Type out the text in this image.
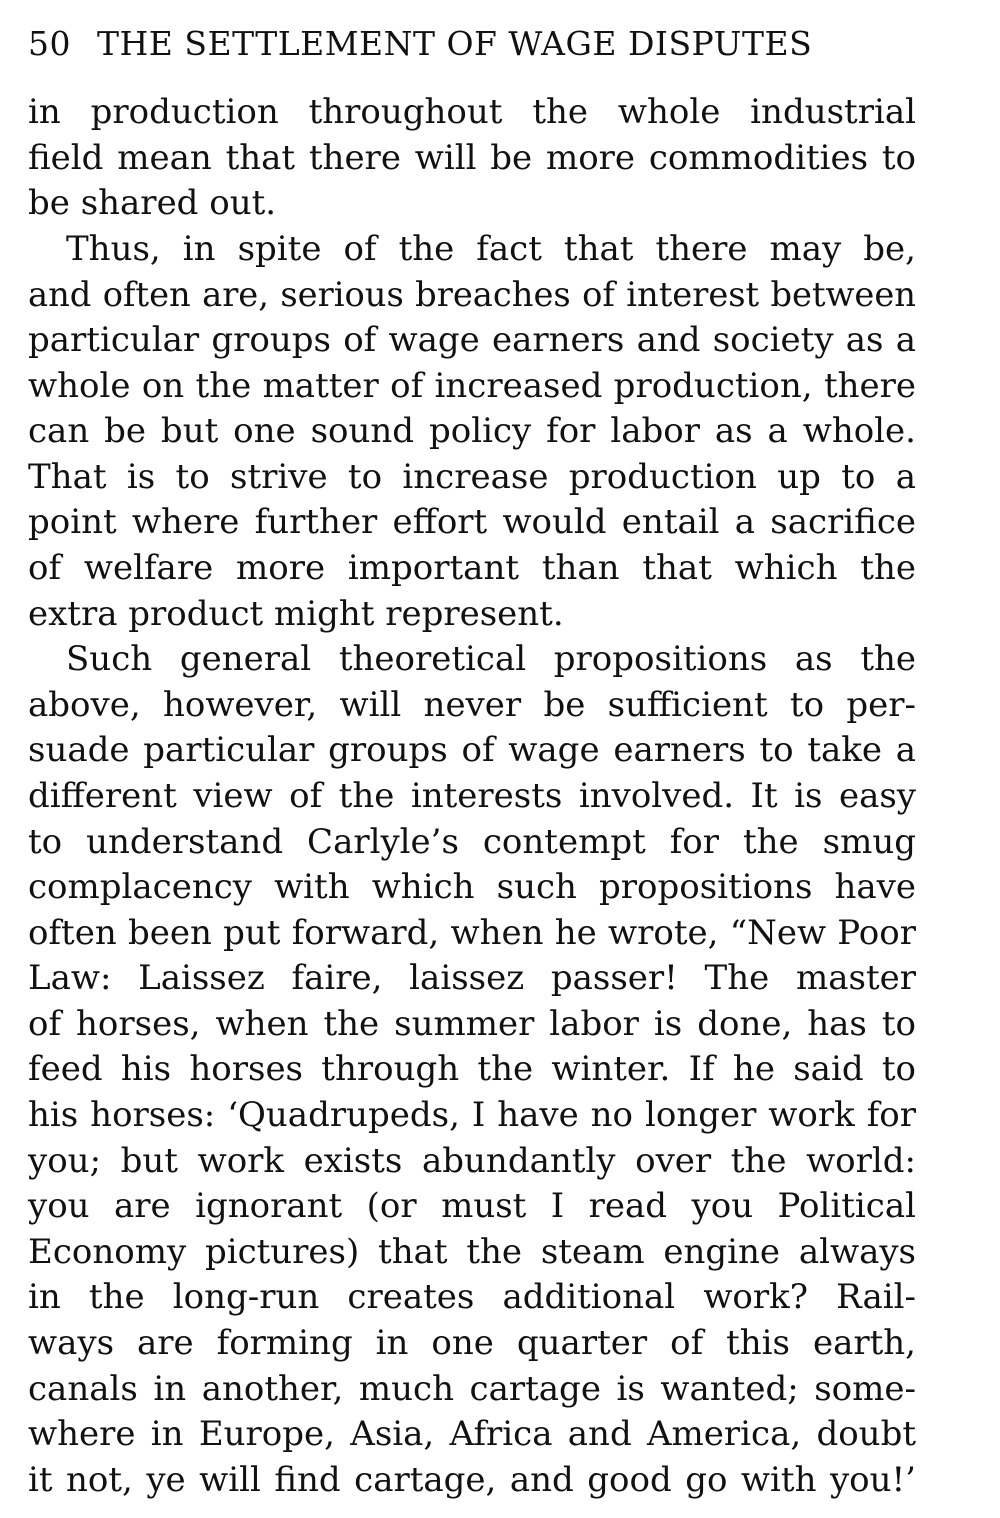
50 THE SETTLEMENT OF WAGE DISPUTES
in production throughout the whole industrial
field mean that there will be more commodities to
be shared out.
Thus, in spite of the fact that there may be,
and often are, serious breaches of interest between
particular groups of wage earners and society as a
whole on the matter of increased production, there
can be but one sound policy for labor as a whole.
That is to strive to increase production up to a
point where further effort would entail a sacrifice
of welfare more important than that which the
extra product might represent.
Such general theoretical propositions as the
above, however, will never be sufficient to per-
suade particular groups of wage earners to take a
different view of the interests involved. It is easy
to understand Carlyle’s contempt for the smug
complacency with which such propositions have
often been put forward, when he wrote, “New Poor
Law: Laissez faire, laissez passer! The master
of horses, when the summer labor is done, has to
feed his horses through the winter. If he said to
his horses: ‘Quadrupeds, I have no longer work for
you; but work exists abundantly over the world:
you are ignorant (or must I read you Political
Economy pictures) that the steam engine always
in the long-run creates additional work? Rail-
ways are forming in one quarter of this earth,
canals in another, much cartage is wanted; some-
where in Europe, Asia, Africa and America, doubt
it not, ye will find cartage, and good go with you!’
